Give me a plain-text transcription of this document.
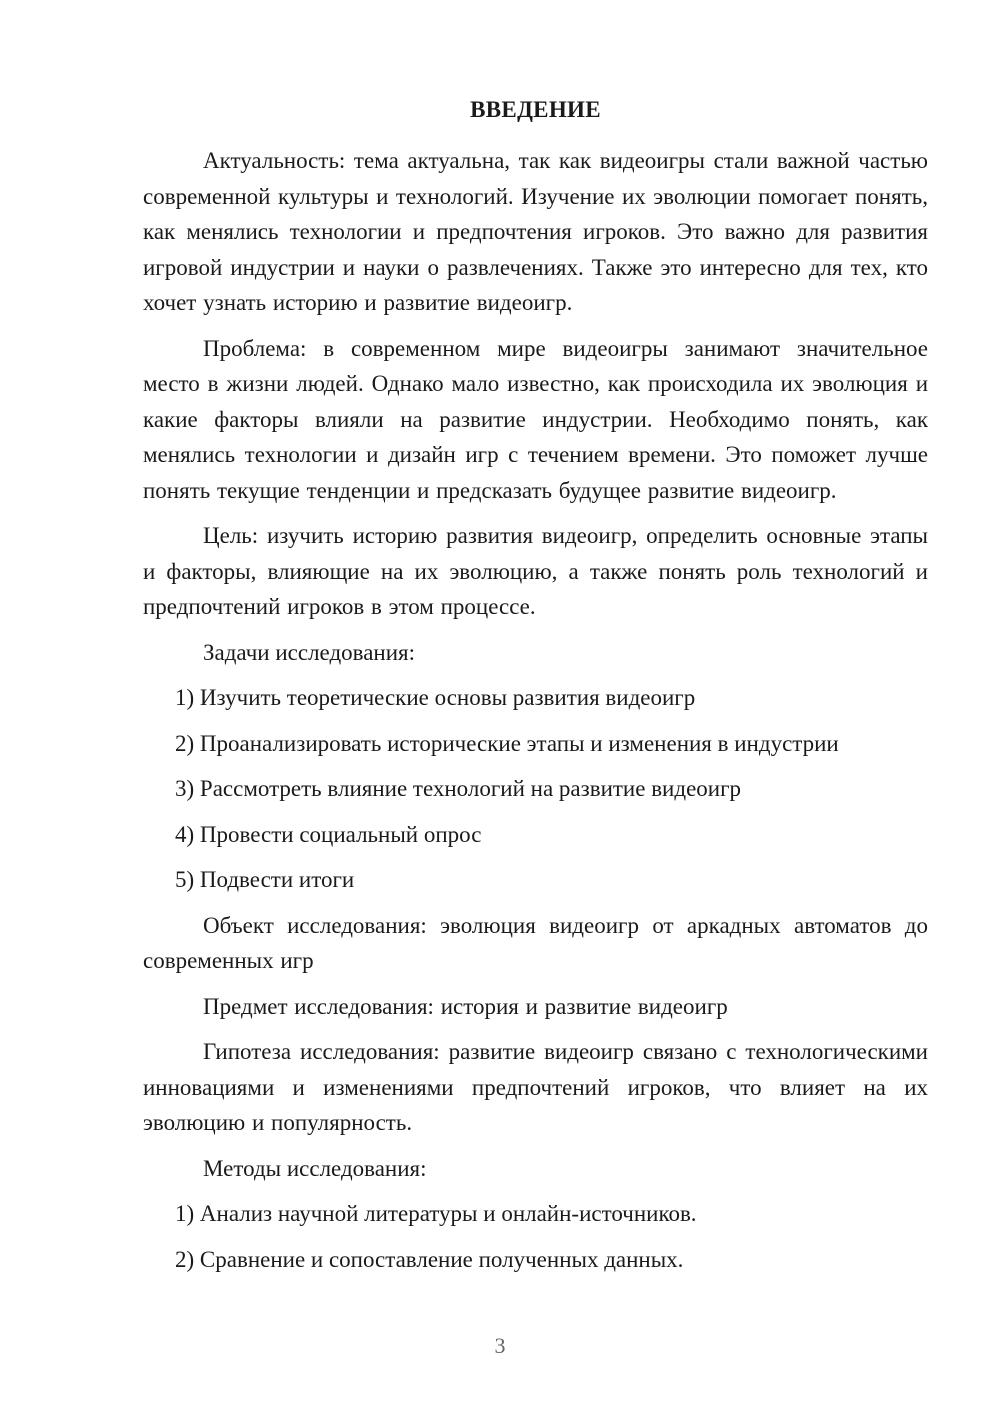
ВВЕДЕНИЕ

Актуальность: тема актуальна, так как видеоигры стали важной частью современной культуры и технологий. Изучение их эволюции помогает понять, как менялись технологии и предпочтения игроков. Это важно для развития игровой индустрии и науки о развлечениях. Также это интересно для тех, кто хочет узнать историю и развитие видеоигр.

Проблема: в современном мире видеоигры занимают значительное место в жизни людей. Однако мало известно, как происходила их эволюция и какие факторы влияли на развитие индустрии. Необходимо понять, как менялись технологии и дизайн игр с течением времени. Это поможет лучше понять текущие тенденции и предсказать будущее развитие видеоигр.

Цель: изучить историю развития видеоигр, определить основные этапы и факторы, влияющие на их эволюцию, а также понять роль технологий и предпочтений игроков в этом процессе.

Задачи исследования:
1) Изучить теоретические основы развития видеоигр
2) Проанализировать исторические этапы и изменения в индустрии
3) Рассмотреть влияние технологий на развитие видеоигр
4) Провести социальный опрос
5) Подвести итоги

Объект исследования: эволюция видеоигр от аркадных автоматов до современных игр

Предмет исследования: история и развитие видеоигр

Гипотеза исследования: развитие видеоигр связано с технологическими инновациями и изменениями предпочтений игроков, что влияет на их эволюцию и популярность.

Методы исследования:
1) Анализ научной литературы и онлайн-источников.
2) Сравнение и сопоставление полученных данных.
3
